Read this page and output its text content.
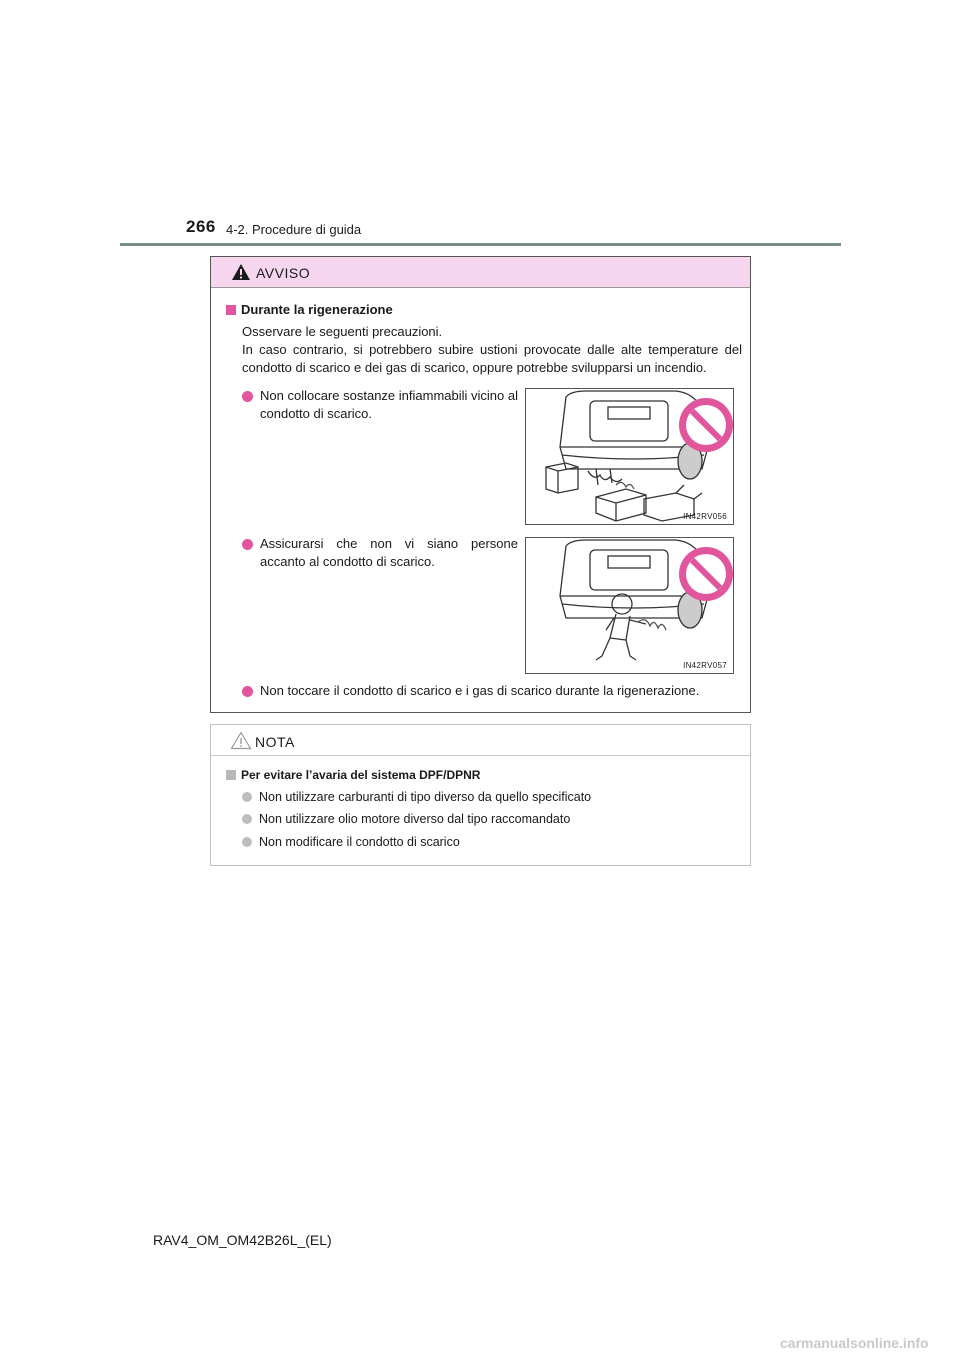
266 4-2. Procedure di guida
AVVISO
Durante la rigenerazione
Osservare le seguenti precauzioni.
In caso contrario, si potrebbero subire ustioni provocate dalle alte temperature del condotto di scarico e dei gas di scarico, oppure potrebbe svilupparsi un incendio.
Non collocare sostanze infiammabili vicino al condotto di scarico.
IN42RV056
Assicurarsi che non vi siano persone accanto al condotto di scarico.
IN42RV057
Non toccare il condotto di scarico e i gas di scarico durante la rigenerazione.
NOTA
Per evitare l’avaria del sistema DPF/DPNR
Non utilizzare carburanti di tipo diverso da quello specificato
Non utilizzare olio motore diverso dal tipo raccomandato
Non modificare il condotto di scarico
RAV4_OM_OM42B26L_(EL)
carmanualsonline.info
